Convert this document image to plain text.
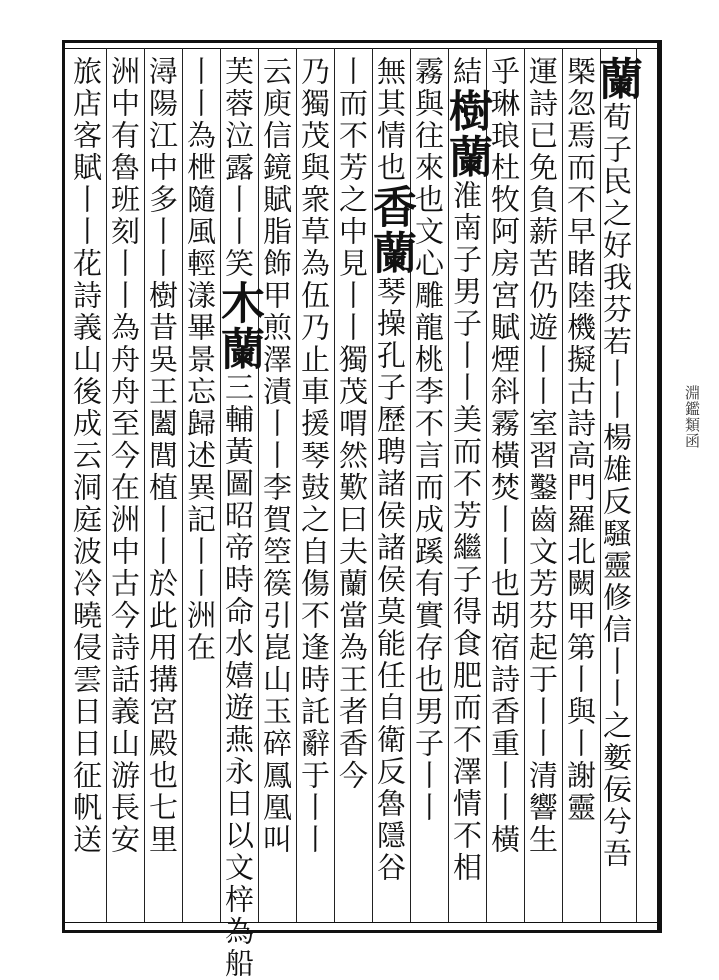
淵鑑類函
蘭荀子民之好我芬若丨丨楊雄反騷靈修信丨丨之㜪佞兮吾
槩忽焉而不早睹陸機擬古詩高門羅北闕甲第丨與丨謝靈
運詩已免負薪苦仍遊丨丨室習鑿齒文芳芬起于丨丨清響生
乎琳琅杜牧阿房宮賦煙斜霧橫焚丨丨也胡宿詩香重丨丨橫
結樹蘭淮南子男子丨丨美而不芳繼子得食肥而不澤情不相
霧與往來也文心雕龍桃李不言而成蹊有實存也男子丨丨
無其情也香蘭琴操孔子歷聘諸侯諸侯莫能任自衛反魯隱谷
丨而不芳之中見丨丨獨茂喟然歎曰夫蘭當為王者香今
乃獨茂與衆草為伍乃止車援琴鼓之自傷不逢時託辭于丨丨
云庾信鏡賦脂飾甲煎澤漬丨丨李賀箜篌引崑山玉碎鳳凰叫
芙蓉泣露丨丨笑木蘭三輔黃圖昭帝時命水嬉遊燕永日以文梓為船
丨丨為枻隨風輕漾畢景忘歸述異記丨丨洲在
潯陽江中多丨丨樹昔吳王闔閭植丨丨於此用搆宮殿也七里
洲中有魯班刻丨丨為舟舟至今在洲中古今詩話義山游長安
旅店客賦丨丨花詩義山後成云洞庭波冷曉侵雲日日征帆送
